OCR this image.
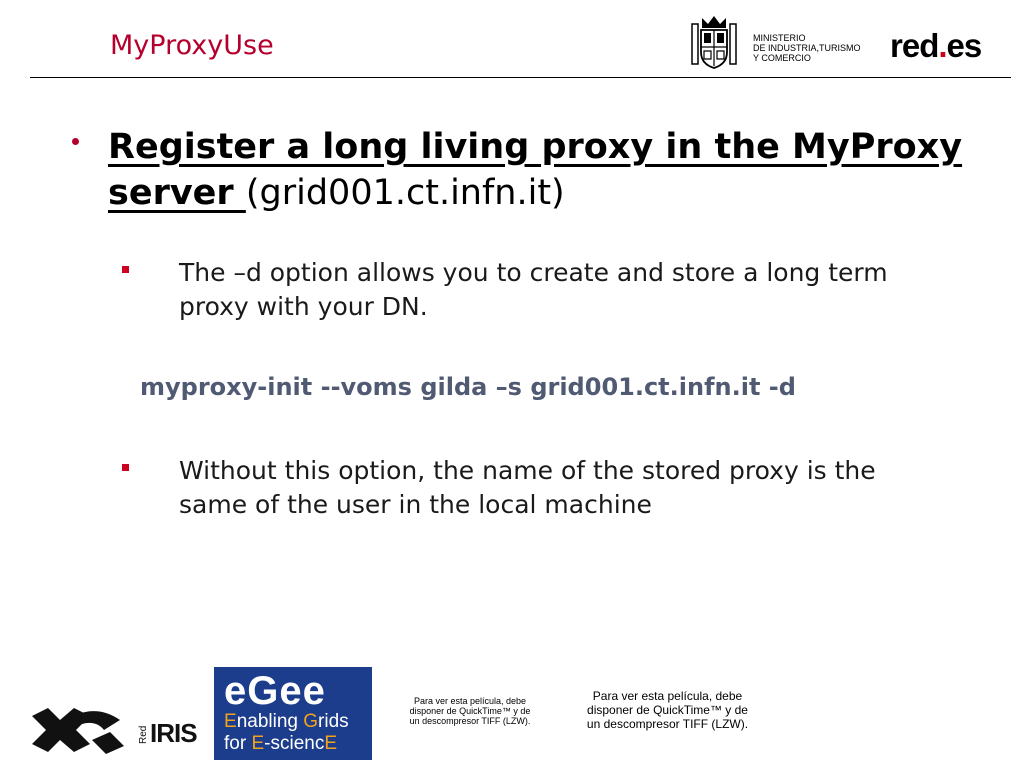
MyProxyUse	MINISTERIO
DE INDUSTRIA,TURISMO
Y COMERCIO	red.es
Register a long living proxy in the MyProxy server (grid001.ct.infn.it)
The –d option allows you to create and store a long term proxy with your DN.
myproxy-init --voms gilda –s grid001.ct.infn.it -d
Without this option, the name of the stored proxy is the same of the user in the local machine
Red IRIS
eGee
Enabling Grids
for E-sciencE
Para ver esta película, debe
disponer de QuickTime™ y de
un descompresor TIFF (LZW).
Para ver esta película, debe
disponer de QuickTime™ y de
un descompresor TIFF (LZW).
